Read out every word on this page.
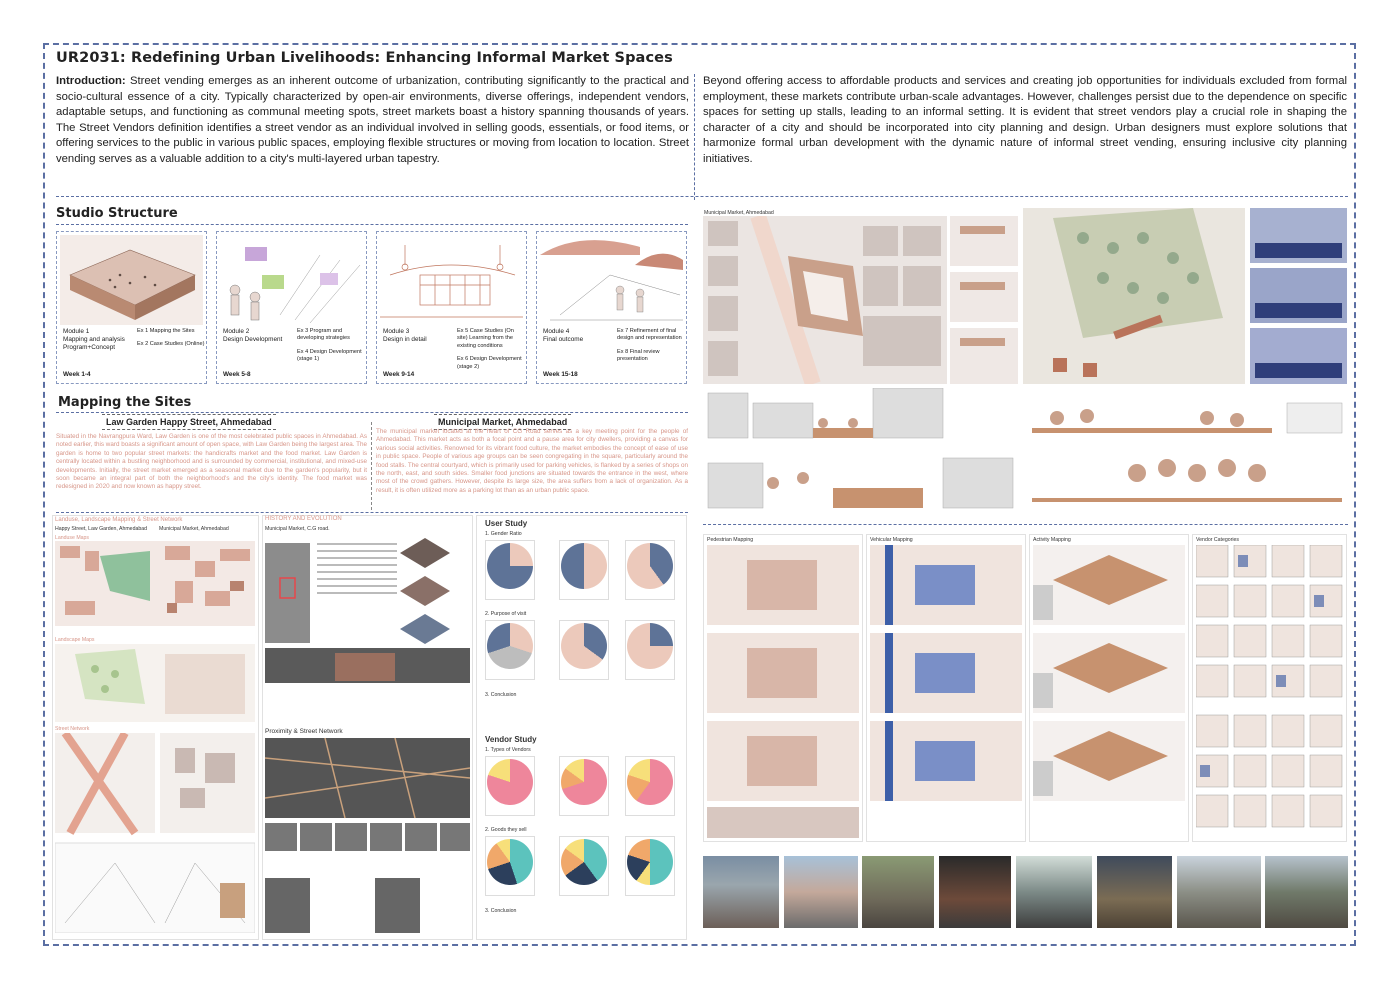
UR2031: Redefining Urban Livelihoods: Enhancing Informal Market Spaces
Introduction: Street vending emerges as an inherent outcome of urbanization, contributing significantly to the practical and socio-cultural essence of a city. Typically characterized by open-air environments, diverse offerings, independent vendors, adaptable setups, and functioning as communal meeting spots, street markets boast a history spanning thousands of years. The Street Vendors definition identifies a street vendor as an individual involved in selling goods, essentials, or food items, or offering services to the public in various public spaces, employing flexible structures or moving from location to location. Street vending serves as a valuable addition to a city's multi-layered urban tapestry.
Beyond offering access to affordable products and services and creating job opportunities for individuals excluded from formal employment, these markets contribute urban-scale advantages. However, challenges persist due to the dependence on specific spaces for setting up stalls, leading to an informal setting. It is evident that street vendors play a crucial role in shaping the character of a city and should be incorporated into city planning and design. Urban designers must explore solutions that harmonize formal urban development with the dynamic nature of informal street vending, ensuring inclusive city planning initiatives.
Studio Structure
Module 1
Mapping and analysis Program+Concept
Ex 1 Mapping the Sites
Ex 2 Case Studies (Online)
Week 1-4
Module 2
Design Development
Ex 3 Program and developing strategies
Ex 4 Design Development (stage 1)
Week 5-8
Module 3
Design in detail
Ex 5 Case Studies (On site) Learning from the existing conditions
Ex 6 Design Development (stage 2)
Week 9-14
Module 4
Final outcome
Ex 7 Refinement of final design and representation
Ex 8 Final review presentation
Week 15-18
Mapping the Sites
Law Garden Happy Street, Ahmedabad	Municipal Market, Ahmedabad
Situated in the Navrangpura Ward, Law Garden is one of the most celebrated public spaces in Ahmedabad. As noted earlier, this ward boasts a significant amount of open space, with Law Garden being the largest area. The garden is home to two popular street markets: the handicrafts market and the food market. Law Garden is centrally located within a bustling neighborhood and is surrounded by commercial, institutional, and mixed-use developments. Initially, the street market emerged as a seasonal market due to the garden's popularity, but it soon became an integral part of both the neighborhood's and the city's identity. The food market was redesigned in 2020 and now known as happy street.
The municipal market located at the heart of CG Road serves as a key meeting point for the people of Ahmedabad. This market acts as both a focal point and a pause area for city dwellers, providing a canvas for various social activities. Renowned for its vibrant food culture, the market embodies the concept of ease of use in public space. People of various age groups can be seen congregating in the square, particularly around the food stalls. The central courtyard, which is primarily used for parking vehicles, is flanked by a series of shops on the north, east, and south sides. Smaller food junctions are situated towards the entrance in the west, where most of the crowd gathers. However, despite its large size, the area suffers from a lack of organization. As a result, it is often utilized more as a parking lot than as an urban public space.
Landuse, Landscape Mapping & Street Network
Happy Street, Law Garden, Ahmedabad Municipal Market, Ahmedabad
Landuse Maps
Landscape Maps
Street Network
HISTORY AND EVOLUTION
Municipal Market, C.G road.
Proximity & Street Network
User Study
1. Gender Ratio
2. Purpose of visit
3. Conclusion
Vendor Study
1. Types of Vendors
2. Goods they sell
3. Conclusion
Municipal Market, Ahmedabad
Pedestrian Mapping	Vehicular Mapping	Activity Mapping	Vendor Categories
